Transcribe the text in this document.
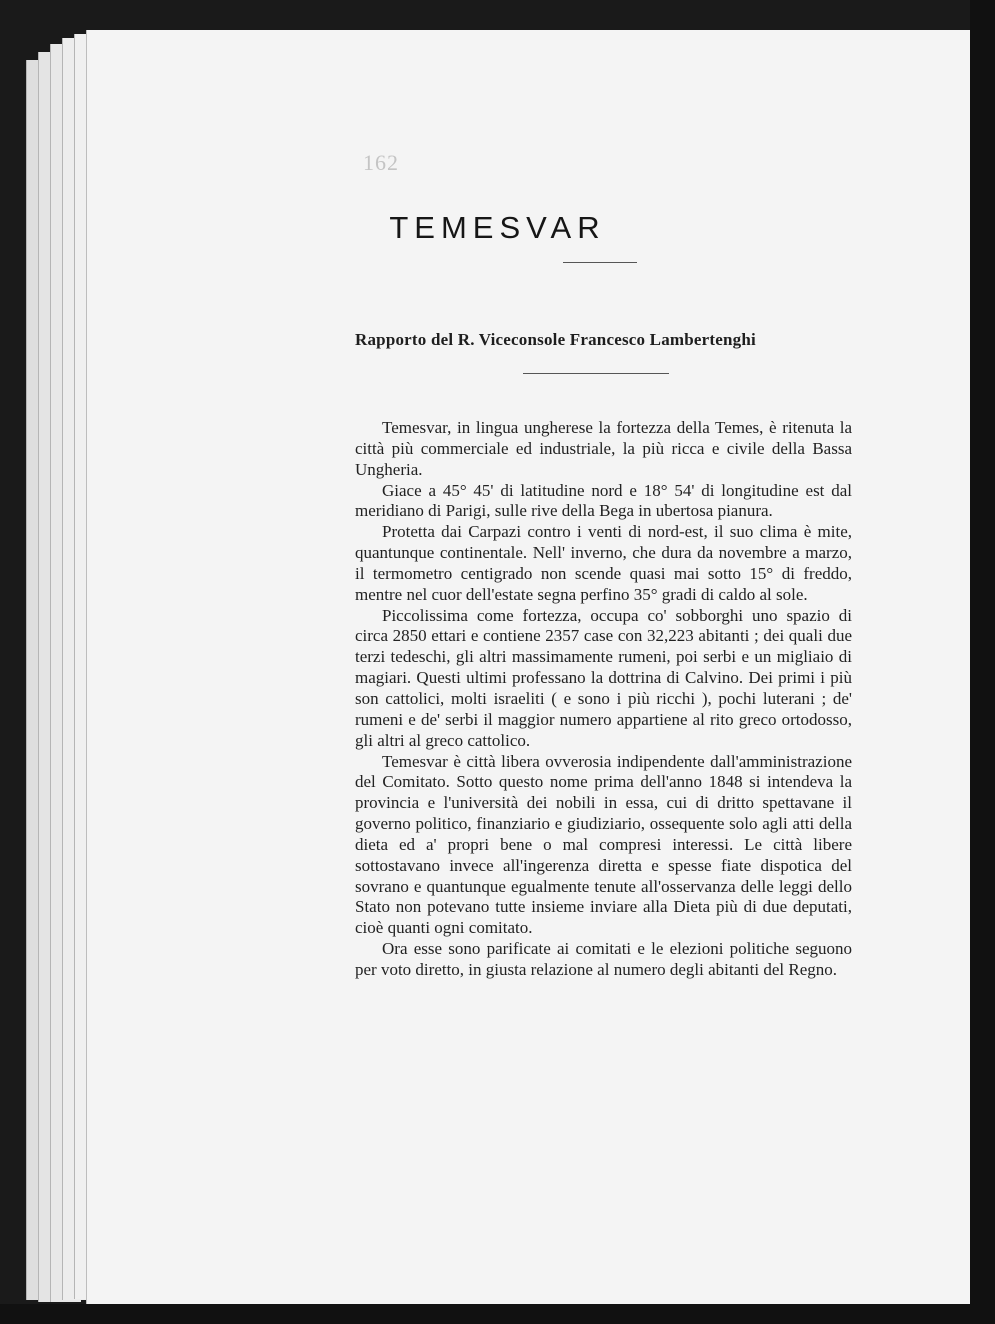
162
TEMESVAR
Rapporto del R. Viceconsole Francesco Lambertenghi

Temesvar, in lingua ungherese la fortezza della Temes, è ritenuta la città più commerciale ed industriale, la più ricca e civile della Bassa Ungheria.

Giace a 45° 45' di latitudine nord e 18° 54' di longitudine est dal meridiano di Parigi, sulle rive della Bega in ubertosa pianura.

Protetta dai Carpazi contro i venti di nord-est, il suo clima è mite, quantunque continentale. Nell' inverno, che dura da novembre a marzo, il termometro centigrado non scende quasi mai sotto 15° di freddo, mentre nel cuor dell'estate segna perfino 35° gradi di caldo al sole.

Piccolissima come fortezza, occupa co' sobborghi uno spazio di circa 2850 ettari e contiene 2357 case con 32,223 abitanti ; dei quali due terzi tedeschi, gli altri massimamente rumeni, poi serbi e un migliaio di magiari. Questi ultimi professano la dottrina di Calvino. Dei primi i più son cattolici, molti israeliti ( e sono i più ricchi ), pochi luterani ; de' rumeni e de' serbi il maggior numero appartiene al rito greco ortodosso, gli altri al greco cattolico.

Temesvar è città libera ovverosia indipendente dall'amministrazione del Comitato. Sotto questo nome prima dell'anno 1848 si intendeva la provincia e l'università dei nobili in essa, cui di dritto spettavane il governo politico, finanziario e giudiziario, ossequente solo agli atti della dieta ed a' propri bene o mal compresi interessi. Le città libere sottostavano invece all'ingerenza diretta e spesse fiate dispotica del sovrano e quantunque egualmente tenute all'osservanza delle leggi dello Stato non potevano tutte insieme inviare alla Dieta più di due deputati, cioè quanti ogni comitato.

Ora esse sono parificate ai comitati e le elezioni politiche seguono per voto diretto, in giusta relazione al numero degli abitanti del Regno.
